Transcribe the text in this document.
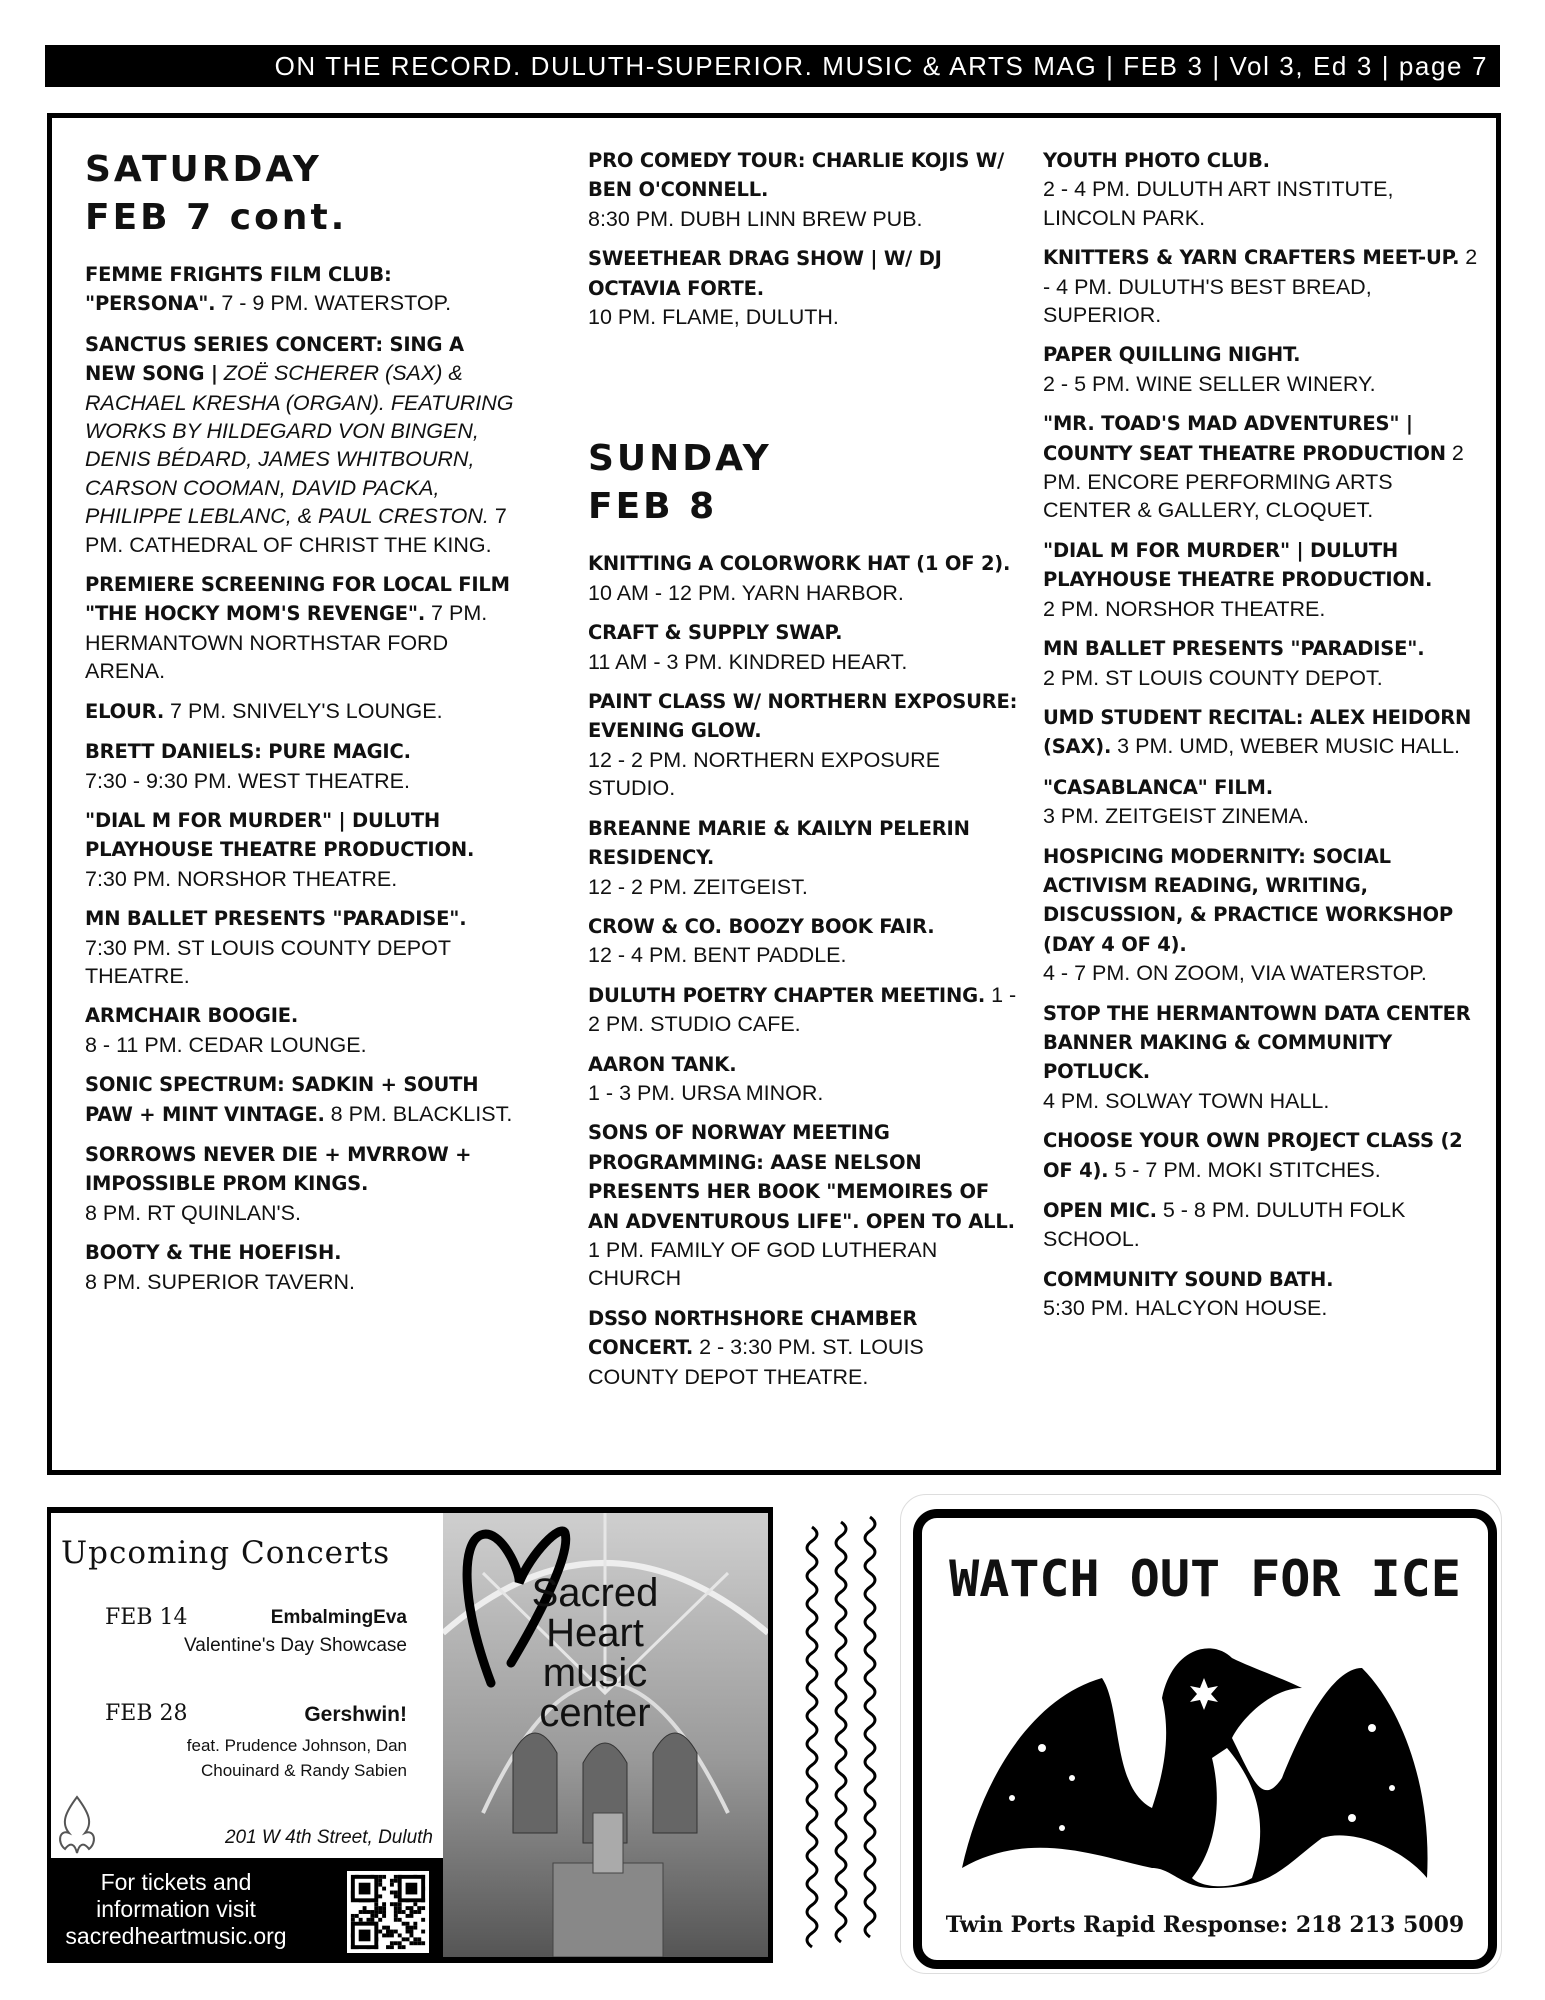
ON THE RECORD. DULUTH-SUPERIOR. MUSIC & ARTS MAG | FEB 3 | Vol 3, Ed 3 | page 7
SATURDAY
FEB 7 cont.
FEMME FRIGHTS FILM CLUB: "PERSONA". 7 - 9 PM. WATERSTOP.
SANCTUS SERIES CONCERT: SING A NEW SONG | ZOË SCHERER (SAX) & RACHAEL KRESHA (ORGAN). FEATURING WORKS BY HILDEGARD VON BINGEN, DENIS BÉDARD, JAMES WHITBOURN, CARSON COOMAN, DAVID PACKA, PHILIPPE LEBLANC, & PAUL CRESTON. 7 PM. CATHEDRAL OF CHRIST THE KING.
PREMIERE SCREENING FOR LOCAL FILM "THE HOCKY MOM'S REVENGE". 7 PM. HERMANTOWN NORTHSTAR FORD ARENA.
ELOUR. 7 PM. SNIVELY'S LOUNGE.
BRETT DANIELS: PURE MAGIC.
7:30 - 9:30 PM. WEST THEATRE.
"DIAL M FOR MURDER" | DULUTH PLAYHOUSE THEATRE PRODUCTION. 7:30 PM. NORSHOR THEATRE.
MN BALLET PRESENTS "PARADISE".
7:30 PM. ST LOUIS COUNTY DEPOT THEATRE.
ARMCHAIR BOOGIE.
8 - 11 PM. CEDAR LOUNGE.
SONIC SPECTRUM: SADKIN + SOUTH PAW + MINT VINTAGE. 8 PM. BLACKLIST.
SORROWS NEVER DIE + MVRROW + IMPOSSIBLE PROM KINGS.
8 PM. RT QUINLAN'S.
BOOTY & THE HOEFISH.
8 PM. SUPERIOR TAVERN.
PRO COMEDY TOUR: CHARLIE KOJIS W/ BEN O'CONNELL.
8:30 PM. DUBH LINN BREW PUB.
SWEETHEAR DRAG SHOW | W/ DJ OCTAVIA FORTE.
10 PM. FLAME, DULUTH.
SUNDAY
FEB 8
KNITTING A COLORWORK HAT (1 OF 2). 10 AM - 12 PM. YARN HARBOR.
CRAFT & SUPPLY SWAP.
11 AM - 3 PM. KINDRED HEART.
PAINT CLASS W/ NORTHERN EXPOSURE: EVENING GLOW.
12 - 2 PM. NORTHERN EXPOSURE STUDIO.
BREANNE MARIE & KAILYN PELERIN RESIDENCY.
12 - 2 PM. ZEITGEIST.
CROW & CO. BOOZY BOOK FAIR.
12 - 4 PM. BENT PADDLE.
DULUTH POETRY CHAPTER MEETING. 1 - 2 PM. STUDIO CAFE.
AARON TANK.
1 - 3 PM. URSA MINOR.
SONS OF NORWAY MEETING PROGRAMMING: AASE NELSON PRESENTS HER BOOK "MEMOIRES OF AN ADVENTUROUS LIFE". OPEN TO ALL. 1 PM. FAMILY OF GOD LUTHERAN CHURCH
DSSO NORTHSHORE CHAMBER CONCERT. 2 - 3:30 PM. ST. LOUIS COUNTY DEPOT THEATRE.
YOUTH PHOTO CLUB.
2 - 4 PM. DULUTH ART INSTITUTE, LINCOLN PARK.
KNITTERS & YARN CRAFTERS MEET-UP. 2 - 4 PM. DULUTH'S BEST BREAD, SUPERIOR.
PAPER QUILLING NIGHT.
2 - 5 PM. WINE SELLER WINERY.
"MR. TOAD'S MAD ADVENTURES" | COUNTY SEAT THEATRE PRODUCTION 2 PM. ENCORE PERFORMING ARTS CENTER & GALLERY, CLOQUET.
"DIAL M FOR MURDER" | DULUTH PLAYHOUSE THEATRE PRODUCTION.
2 PM. NORSHOR THEATRE.
MN BALLET PRESENTS "PARADISE".
2 PM. ST LOUIS COUNTY DEPOT.
UMD STUDENT RECITAL: ALEX HEIDORN (SAX). 3 PM. UMD, WEBER MUSIC HALL.
"CASABLANCA" FILM.
3 PM. ZEITGEIST ZINEMA.
HOSPICING MODERNITY: SOCIAL ACTIVISM READING, WRITING, DISCUSSION, & PRACTICE WORKSHOP (DAY 4 OF 4).
4 - 7 PM. ON ZOOM, VIA WATERSTOP.
STOP THE HERMANTOWN DATA CENTER BANNER MAKING & COMMUNITY POTLUCK.
4 PM. SOLWAY TOWN HALL.
CHOOSE YOUR OWN PROJECT CLASS (2 OF 4). 5 - 7 PM. MOKI STITCHES.
OPEN MIC. 5 - 8 PM. DULUTH FOLK SCHOOL.
COMMUNITY SOUND BATH.
5:30 PM. HALCYON HOUSE.
Upcoming Concerts
FEB 14	EmbalmingEva
Valentine's Day Showcase
FEB 28	Gershwin!
feat. Prudence Johnson, Dan Chouinard & Randy Sabien
201 W 4th Street, Duluth
Sacred Heart music center
For tickets and information visit sacredheartmusic.org
WATCH OUT FOR ICE
Twin Ports Rapid Response: 218 213 5009
